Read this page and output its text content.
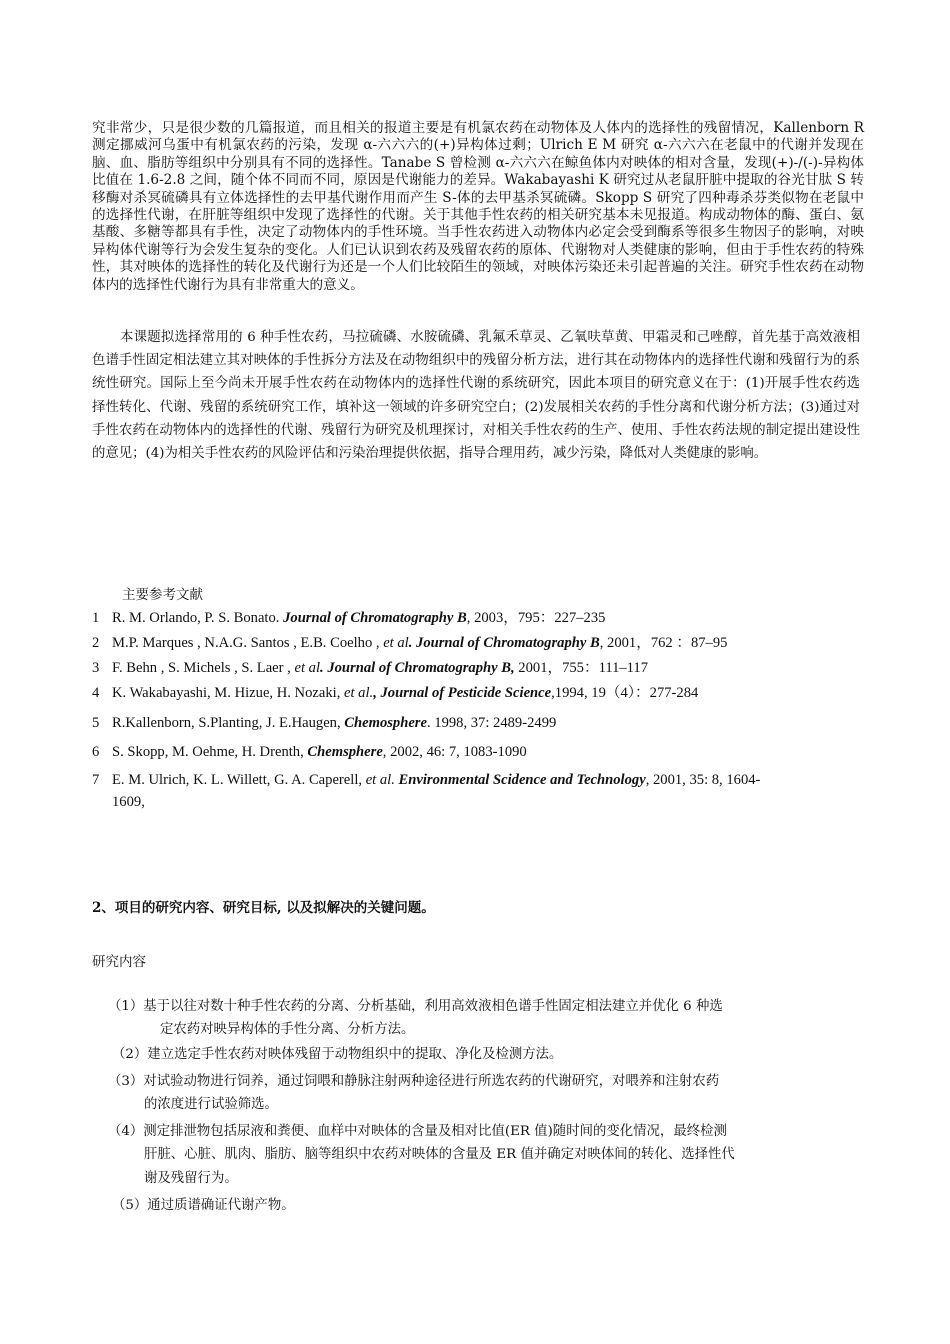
究非常少，只是很少数的几篇报道，而且相关的报道主要是有机氯农药在动物体及人体内的选择性的残留情况，Kallenborn R 测定挪威河乌蛋中有机氯农药的污染，发现 α-六六六的(+)异构体过剩；Ulrich E M 研究 α-六六六在老鼠中的代谢并发现在脑、血、脂肪等组织中分别具有不同的选择性。Tanabe S 曾检测 α-六六六在鲸鱼体内对映体的相对含量，发现(+)-/(-)-异构体比值在 1.6-2.8 之间，随个体不同而不同，原因是代谢能力的差异。Wakabayashi K 研究过从老鼠肝脏中提取的谷光甘肽 S 转移酶对杀冥硫磷具有立体选择性的去甲基代谢作用而产生 S-体的去甲基杀冥硫磷。Skopp S 研究了四种毒杀芬类似物在老鼠中的选择性代谢，在肝脏等组织中发现了选择性的代谢。关于其他手性农药的相关研究基本未见报道。构成动物体的酶、蛋白、氨基酸、多糖等都具有手性，决定了动物体内的手性环境。当手性农药进入动物体内必定会受到酶系等很多生物因子的影响，对映异构体代谢等行为会发生复杂的变化。人们已认识到农药及残留农药的原体、代谢物对人类健康的影响，但由于手性农药的特殊性，其对映体的选择性的转化及代谢行为还是一个人们比较陌生的领域，对映体污染还未引起普遍的关注。研究手性农药在动物体内的选择性代谢行为具有非常重大的意义。
本课题拟选择常用的 6 种手性农药，马拉硫磷、水胺硫磷、乳氟禾草灵、乙氧呋草黄、甲霜灵和己唑醇，首先基于高效液相色谱手性固定相法建立其对映体的手性拆分方法及在动物组织中的残留分析方法，进行其在动物体内的选择性代谢和残留行为的系统性研究。国际上至今尚未开展手性农药在动物体内的选择性代谢的系统研究，因此本项目的研究意义在于：(1)开展手性农药选择性转化、代谢、残留的系统研究工作，填补这一领域的许多研究空白；(2)发展相关农药的手性分离和代谢分析方法；(3)通过对手性农药在动物体内的选择性的代谢、残留行为研究及机理探讨，对相关手性农药的生产、使用、手性农药法规的制定提出建设性的意见；(4)为相关手性农药的风险评估和污染治理提供依据，指导合理用药，减少污染，降低对人类健康的影响。
主要参考文献
1 R. M. Orlando, P. S. Bonato. Journal of Chromatography B, 2003，795：227–235
2 M.P. Marques , N.A.G. Santos , E.B. Coelho , et al. Journal of Chromatography B, 2001，762 ：87–95
3 F. Behn , S. Michels , S. Laer , et al. Journal of Chromatography B, 2001，755：111–117
4 K. Wakabayashi, M. Hizue, H. Nozaki, et al., Journal of Pesticide Science,1994, 19（4）：277-284
5 R.Kallenborn, S.Planting, J. E.Haugen, Chemosphere. 1998, 37: 2489-2499
6 S. Skopp, M. Oehme, H. Drenth, Chemsphere, 2002, 46: 7, 1083-1090
7 E. M. Ulrich, K. L. Willett, G. A. Caperell, et al. Environmental Scidence and Technology, 2001, 35: 8, 1604-
1609,
2、项目的研究内容、研究目标, 以及拟解决的关键问题。
研究内容
（1）基于以往对数十种手性农药的分离、分析基础，利用高效液相色谱手性固定相法建立并优化 6 种选
定农药对映异构体的手性分离、分析方法。
（2）建立选定手性农药对映体残留于动物组织中的提取、净化及检测方法。
（3）对试验动物进行饲养，通过饲喂和静脉注射两种途径进行所选农药的代谢研究，对喂养和注射农药
的浓度进行试验筛选。
（4）测定排泄物包括尿液和粪便、血样中对映体的含量及相对比值(ER 值)随时间的变化情况，最终检测
肝脏、心脏、肌肉、脂肪、脑等组织中农药对映体的含量及 ER 值并确定对映体间的转化、选择性代
谢及残留行为。
（5）通过质谱确证代谢产物。
